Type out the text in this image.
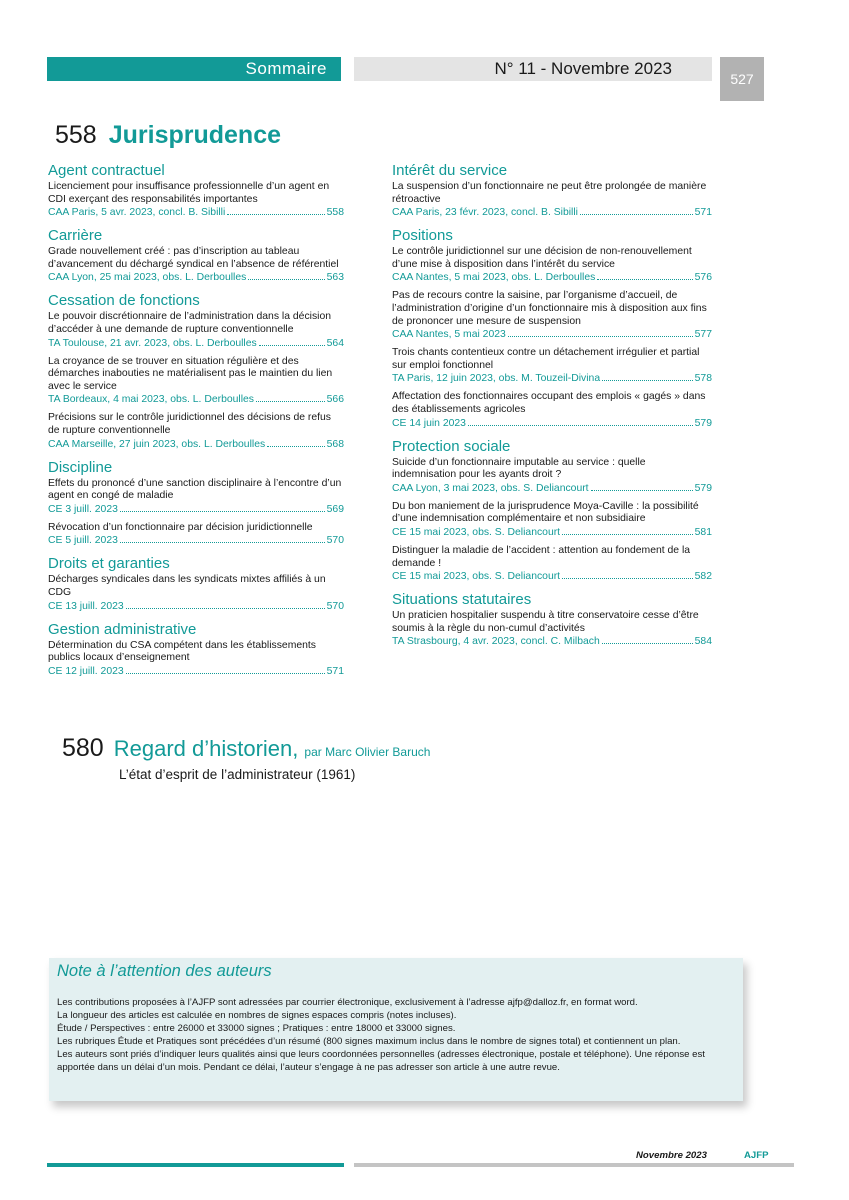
Sommaire	N° 11 - Novembre 2023
527
558 Jurisprudence
Agent contractuel
Licenciement pour insuffisance professionnelle d’un agent en CDI exerçant des responsabilités importantes
CAA Paris, 5 avr. 2023, concl. B. Sibilli	558
Carrière
Grade nouvellement créé : pas d’inscription au tableau d’avancement du déchargé syndical en l’absence de référentiel
CAA Lyon, 25 mai 2023, obs. L. Derboulles	563
Cessation de fonctions
Le pouvoir discrétionnaire de l’administration dans la décision d’accéder à une demande de rupture conventionnelle
TA Toulouse, 21 avr. 2023, obs. L. Derboulles	564
La croyance de se trouver en situation régulière et des démarches inabouties ne matérialisent pas le maintien du lien avec le service
TA Bordeaux, 4 mai 2023, obs. L. Derboulles	566
Précisions sur le contrôle juridictionnel des décisions de refus de rupture conventionnelle
CAA Marseille, 27 juin 2023, obs. L. Derboulles	568
Discipline
Effets du prononcé d’une sanction disciplinaire à l’encontre d’un agent en congé de maladie
CE 3 juill. 2023	569
Révocation d’un fonctionnaire par décision juridictionnelle
CE 5 juill. 2023	570
Droits et garanties
Décharges syndicales dans les syndicats mixtes affiliés à un CDG
CE 13 juill. 2023	570
Gestion administrative
Détermination du CSA compétent dans les établissements publics locaux d’enseignement
CE 12 juill. 2023	571
Intérêt du service
La suspension d’un fonctionnaire ne peut être prolongée de manière rétroactive
CAA Paris, 23 févr. 2023, concl. B. Sibilli	571
Positions
Le contrôle juridictionnel sur une décision de non-renouvellement d’une mise à disposition dans l’intérêt du service
CAA Nantes, 5 mai 2023, obs. L. Derboulles	576
Pas de recours contre la saisine, par l’organisme d’accueil, de l’administration d’origine d’un fonctionnaire mis à disposition aux fins de prononcer une mesure de suspension
CAA Nantes, 5 mai 2023	577
Trois chants contentieux contre un détachement irrégulier et partial sur emploi fonctionnel
TA Paris, 12 juin 2023, obs. M. Touzeil-Divina	578
Affectation des fonctionnaires occupant des emplois « gagés » dans des établissements agricoles
CE 14 juin 2023	579
Protection sociale
Suicide d’un fonctionnaire imputable au service : quelle indemnisation pour les ayants droit ?
CAA Lyon, 3 mai 2023, obs. S. Deliancourt	579
Du bon maniement de la jurisprudence Moya-Caville : la possibilité d’une indemnisation complémentaire et non subsidiaire
CE 15 mai 2023, obs. S. Deliancourt	581
Distinguer la maladie de l’accident : attention au fondement de la demande !
CE 15 mai 2023, obs. S. Deliancourt	582
Situations statutaires
Un praticien hospitalier suspendu à titre conservatoire cesse d’être soumis à la règle du non-cumul d’activités
TA Strasbourg, 4 avr. 2023, concl. C. Milbach	584
580 Regard d’historien, par Marc Olivier Baruch
L’état d’esprit de l’administrateur (1961)
Note à l’attention des auteurs
Les contributions proposées à l’AJFP sont adressées par courrier électronique, exclusivement à l’adresse ajfp@dalloz.fr, en format word.
La longueur des articles est calculée en nombres de signes espaces compris (notes incluses).
Étude / Perspectives : entre 26000 et 33000 signes ; Pratiques : entre 18000 et 33000 signes.
Les rubriques Étude et Pratiques sont précédées d’un résumé (800 signes maximum inclus dans le nombre de signes total) et contiennent un plan.
Les auteurs sont priés d’indiquer leurs qualités ainsi que leurs coordonnées personnelles (adresses électronique, postale et téléphone). Une réponse est apportée dans un délai d’un mois. Pendant ce délai, l’auteur s’engage à ne pas adresser son article à une autre revue.
Novembre 2023	AJFP
